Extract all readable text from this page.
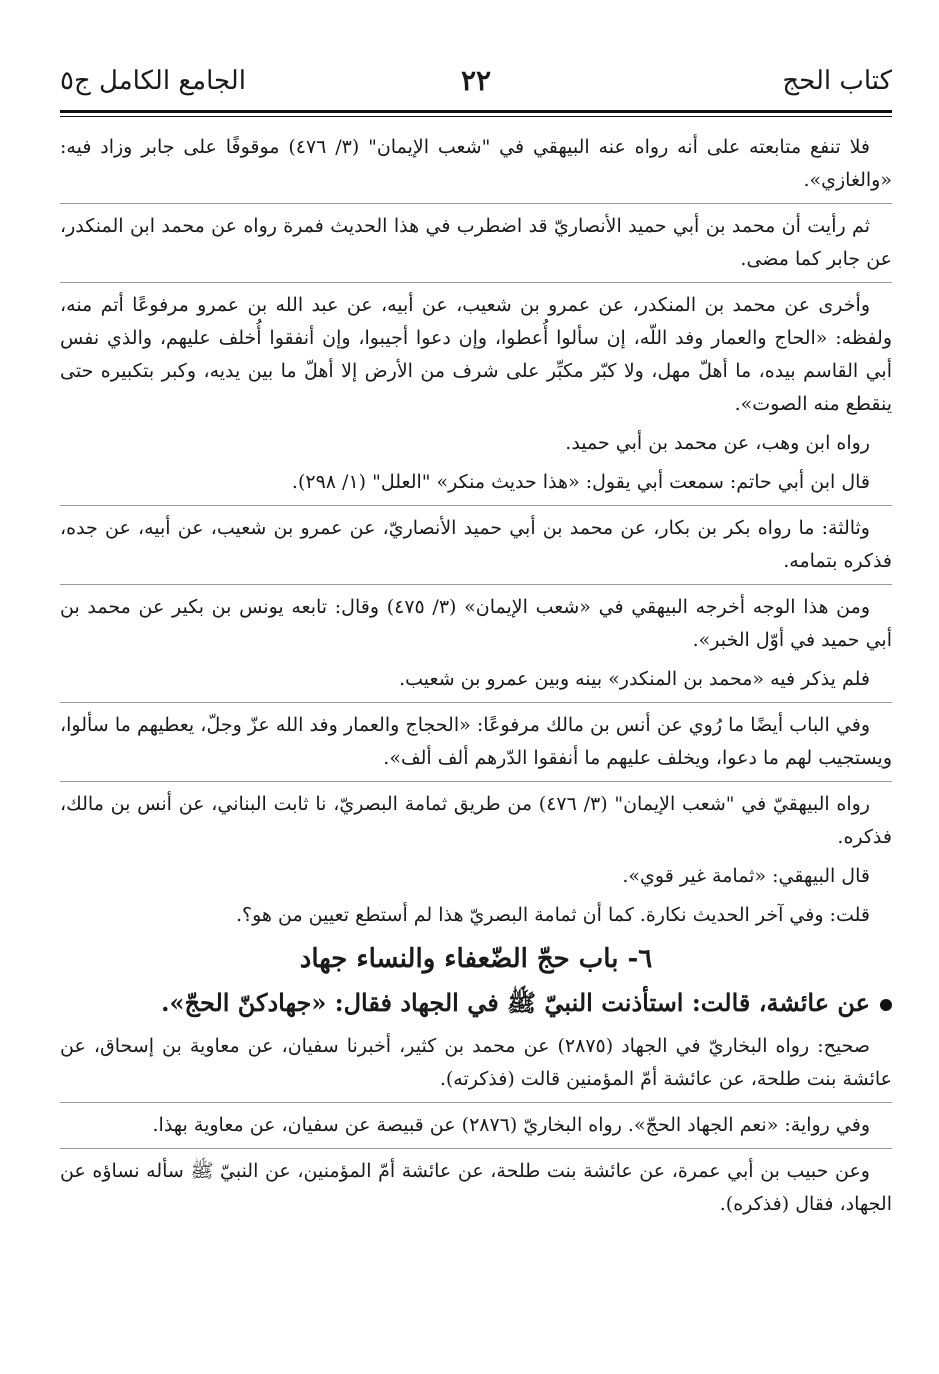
كتاب الحج
٢٢
الجامع الكامل ج٥

فلا تنفع متابعته على أنه رواه عنه البيهقي في "شعب الإيمان" (٣/ ٤٧٦) موقوفًا على جابر وزاد فيه: «والغازي».

ثم رأيت أن محمد بن أبي حميد الأنصاريّ قد اضطرب في هذا الحديث فمرة رواه عن محمد ابن المنكدر، عن جابر كما مضى.

وأخرى عن محمد بن المنكدر، عن عمرو بن شعيب، عن أبيه، عن عبد الله بن عمرو مرفوعًا أتم منه، ولفظه: «الحاج والعمار وفد اللّه، إن سألوا أُعطوا، وإن دعوا أجيبوا، وإن أنفقوا أُخلف عليهم، والذي نفس أبي القاسم بيده، ما أهلّ مهل، ولا كبّر مكبِّر على شرف من الأرض إلا أهلّ ما بين يديه، وكبر بتكبيره حتى ينقطع منه الصوت».

رواه ابن وهب، عن محمد بن أبي حميد.

قال ابن أبي حاتم: سمعت أبي يقول: «هذا حديث منكر» "العلل" (١/ ٢٩٨).

وثالثة: ما رواه بكر بن بكار، عن محمد بن أبي حميد الأنصاريّ، عن عمرو بن شعيب، عن أبيه، عن جده، فذكره بتمامه.

ومن هذا الوجه أخرجه البيهقي في «شعب الإيمان» (٣/ ٤٧٥) وقال: تابعه يونس بن بكير عن محمد بن أبي حميد في أوّل الخبر».

فلم يذكر فيه «محمد بن المنكدر» بينه وبين عمرو بن شعيب.

وفي الباب أيضًا ما رُوي عن أنس بن مالك مرفوعًا: «الحجاج والعمار وفد الله عزّ وجلّ، يعطيهم ما سألوا، ويستجيب لهم ما دعوا، ويخلف عليهم ما أنفقوا الدّرهم ألف ألف».

رواه البيهقيّ في "شعب الإيمان" (٣/ ٤٧٦) من طريق ثمامة البصريّ، نا ثابت البناني، عن أنس بن مالك، فذكره.

قال البيهقي: «ثمامة غير قوي».

قلت: وفي آخر الحديث نكارة. كما أن ثمامة البصريّ هذا لم أستطع تعيين من هو؟.

٦- باب حجّ الضّعفاء والنساء جهاد
عن عائشة، قالت: استأذنت النبيّ ﷺ في الجهاد فقال: «جهادكنّ الحجّ».

صحيح: رواه البخاريّ في الجهاد (٢٨٧٥) عن محمد بن كثير، أخبرنا سفيان، عن معاوية بن إسحاق، عن عائشة بنت طلحة، عن عائشة أمّ المؤمنين قالت (فذكرته).

وفي رواية: «نعم الجهاد الحجّ». رواه البخاريّ (٢٨٧٦) عن قبيصة عن سفيان، عن معاوية بهذا.

وعن حبيب بن أبي عمرة، عن عائشة بنت طلحة، عن عائشة أمّ المؤمنين، عن النبيّ ﷺ سأله نساؤه عن الجهاد، فقال (فذكره).
